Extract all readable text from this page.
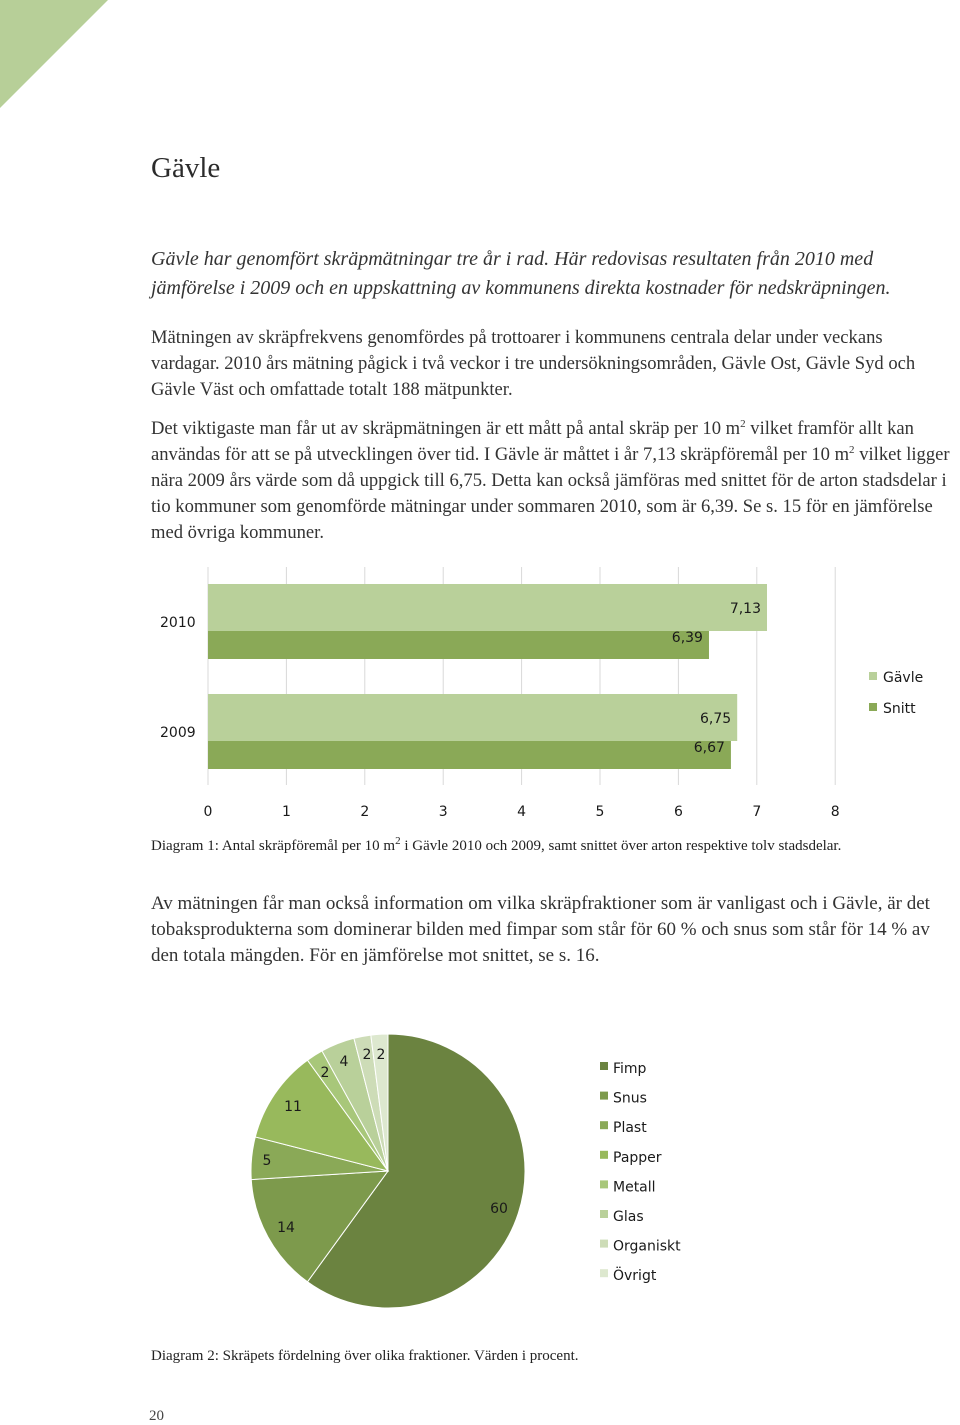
Gävle

Gävle har genomfört skräpmätningar tre år i rad. Här redovisas resultaten från 2010 med jämförelse i 2009 och en uppskattning av kommunens direkta kostnader för nedskräpningen.

Mätningen av skräpfrekvens genomfördes på trottoarer i kommunens centrala delar under veckans vardagar. 2010 års mätning pågick i två veckor i tre undersökningsområden, Gävle Ost, Gävle Syd och Gävle Väst och omfattade totalt 188 mätpunkter.

Det viktigaste man får ut av skräpmätningen är ett mått på antal skräp per 10 $m^2$ vilket framför allt kan användas för att se på utvecklingen över tid. I Gävle är måttet i år 7,13 skräpföremål per 10 $m^2$ vilket ligger nära 2009 års värde som då uppgick till 6,75. Detta kan också jämföras med snittet för de arton stadsdelar i tio kommuner som genomförde mätningar under sommaren 2010, som är 6,39. Se s. 15 för en jämförelse med övriga kommuner.

7,13
6,39
6,75
6,67
2010
2009
0	1	2	3	4	5	6	7	8
Gävle
Snitt

Diagram 1: Antal skräpföremål per 10 $m^2$ i Gävle 2010 och 2009, samt snittet över arton respektive tolv stadsdelar.

Av mätningen får man också information om vilka skräpfraktioner som är vanligast och i Gävle, är det tobaksprodukterna som dominerar bilden med fimpar som står för 60 % och snus som står för 14 % av den totala mängden. För en jämförelse mot snittet, se s. 16.

60
14
5
11
2
4 2 2
Fimp
Snus
Plast
Papper
Metall
Glas
Organiskt
Övrigt

Diagram 2: Skräpets fördelning över olika fraktioner. Värden i procent.

20
